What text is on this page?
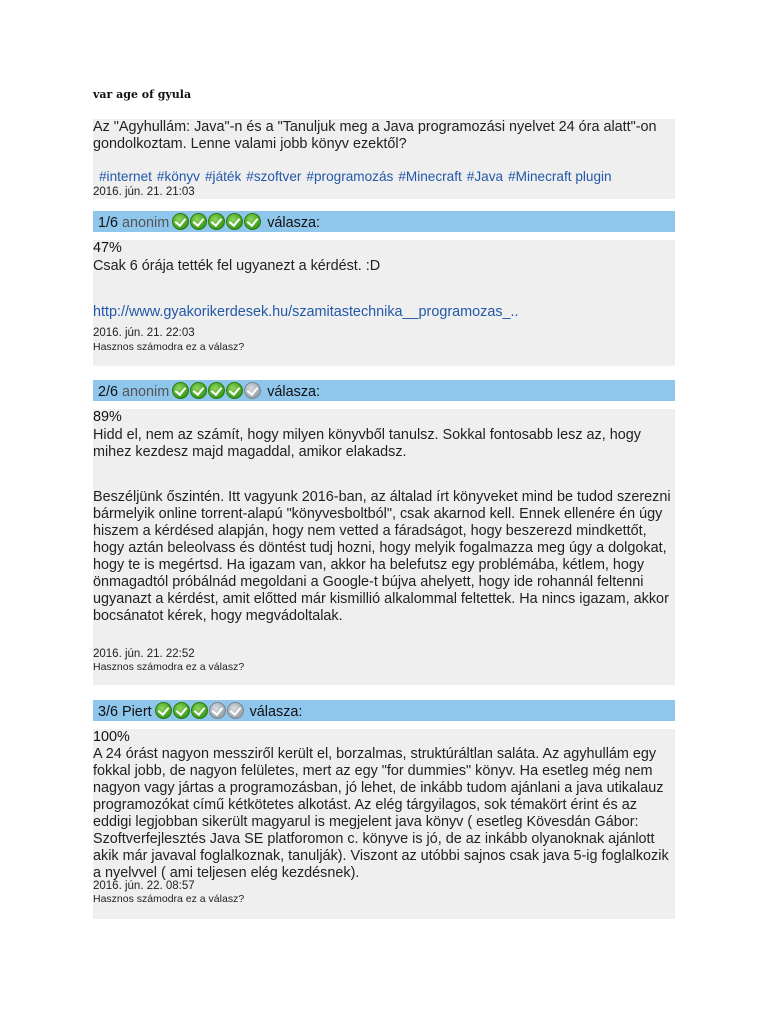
var age of gyula
Az "Agyhullám: Java"-n és a "Tanuljuk meg a Java programozási nyelvet 24 óra alatt"-on gondolkoztam. Lenne valami jobb könyv ezektől?
#internet #könyv #játék #szoftver #programozás #Minecraft #Java #Minecraft plugin
2016. jún. 21. 21:03
1/6 anonim	válasza:
47%
Csak 6 órája tették fel ugyanezt a kérdést. :D
http://www.gyakorikerdesek.hu/szamitastechnika__programozas_..
2016. jún. 21. 22:03
Hasznos számodra ez a válasz?
2/6 anonim	válasza:
89%
Hidd el, nem az számít, hogy milyen könyvből tanulsz. Sokkal fontosabb lesz az, hogy mihez kezdesz majd magaddal, amikor elakadsz.
Beszéljünk őszintén. Itt vagyunk 2016-ban, az általad írt könyveket mind be tudod szerezni bármelyik online torrent-alapú "könyvesboltból", csak akarnod kell. Ennek ellenére én úgy hiszem a kérdésed alapján, hogy nem vetted a fáradságot, hogy beszerezd mindkettőt, hogy aztán beleolvass és döntést tudj hozni, hogy melyik fogalmazza meg úgy a dolgokat, hogy te is megértsd. Ha igazam van, akkor ha belefutsz egy problémába, kétlem, hogy önmagadtól próbálnád megoldani a Google-t bújva ahelyett, hogy ide rohannál feltenni ugyanazt a kérdést, amit előtted már kismillió alkalommal feltettek. Ha nincs igazam, akkor bocsánatot kérek, hogy megvádoltalak.
2016. jún. 21. 22:52
Hasznos számodra ez a válasz?
3/6 Piert	válasza:
100%
A 24 órást nagyon messziről került el, borzalmas, struktúráltlan saláta. Az agyhullám egy fokkal jobb, de nagyon felületes, mert az egy "for dummies" könyv. Ha esetleg még nem nagyon vagy jártas a programozásban, jó lehet, de inkább tudom ajánlani a java utikalauz programozókat című kétkötetes alkotást. Az elég tárgyilagos, sok témakört érint és az eddigi legjobban sikerült magyarul is megjelent java könyv ( esetleg Kövesdán Gábor: Szoftverfejlesztés Java SE platforomon c. könyve is jó, de az inkább olyanoknak ajánlott akik már javaval foglalkoznak, tanulják). Viszont az utóbbi sajnos csak java 5-ig foglalkozik a nyelvvel ( ami teljesen elég kezdésnek).
2016. jún. 22. 08:57
Hasznos számodra ez a válasz?
